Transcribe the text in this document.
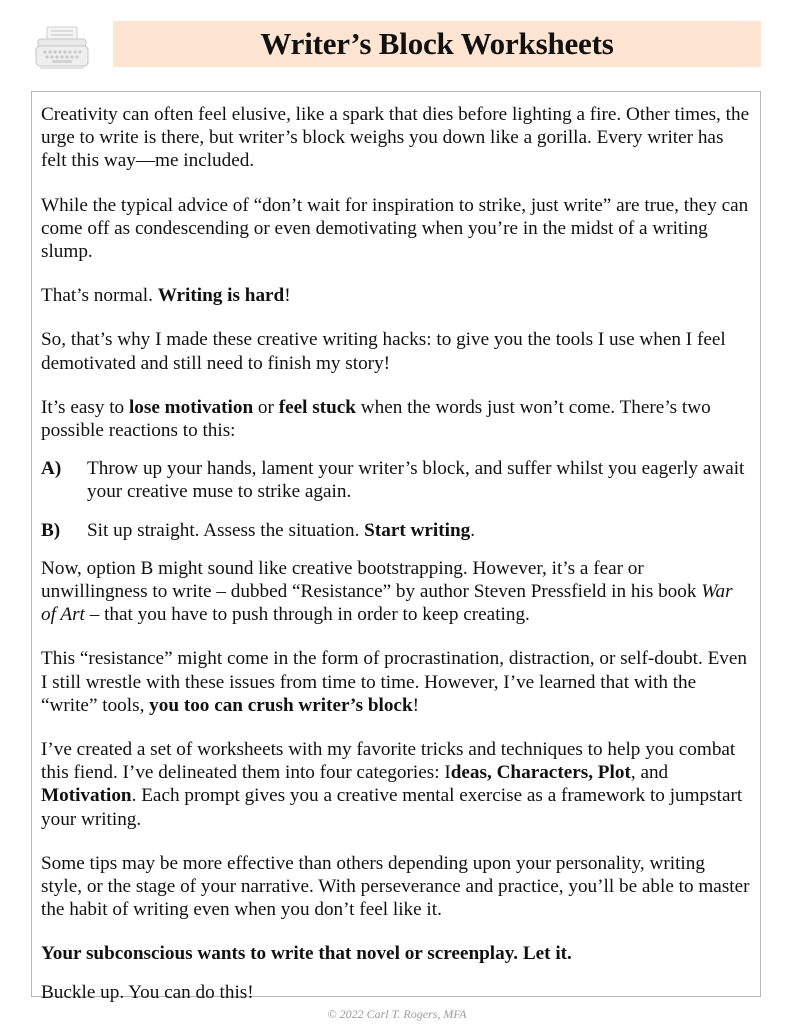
Writer’s Block Worksheets

Creativity can often feel elusive, like a spark that dies before lighting a fire. Other times, the urge to write is there, but writer’s block weighs you down like a gorilla. Every writer has felt this way—me included.

While the typical advice of “don’t wait for inspiration to strike, just write” are true, they can come off as condescending or even demotivating when you’re in the midst of a writing slump.

That’s normal. Writing is hard!

So, that’s why I made these creative writing hacks: to give you the tools I use when I feel demotivated and still need to finish my story!

It’s easy to lose motivation or feel stuck when the words just won’t come. There’s two possible reactions to this:

A)	Throw up your hands, lament your writer’s block, and suffer whilst you eagerly await your creative muse to strike again.
B)	Sit up straight. Assess the situation. Start writing.

Now, option B might sound like creative bootstrapping. However, it’s a fear or unwillingness to write – dubbed “Resistance” by author Steven Pressfield in his book War of Art – that you have to push through in order to keep creating.

This “resistance” might come in the form of procrastination, distraction, or self-doubt. Even I still wrestle with these issues from time to time. However, I’ve learned that with the “write” tools, you too can crush writer’s block!

I’ve created a set of worksheets with my favorite tricks and techniques to help you combat this fiend. I’ve delineated them into four categories: Ideas, Characters, Plot, and Motivation. Each prompt gives you a creative mental exercise as a framework to jumpstart your writing.

Some tips may be more effective than others depending upon your personality, writing style, or the stage of your narrative. With perseverance and practice, you’ll be able to master the habit of writing even when you don’t feel like it.

Your subconscious wants to write that novel or screenplay. Let it.

Buckle up. You can do this!

© 2022 Carl T. Rogers, MFA
